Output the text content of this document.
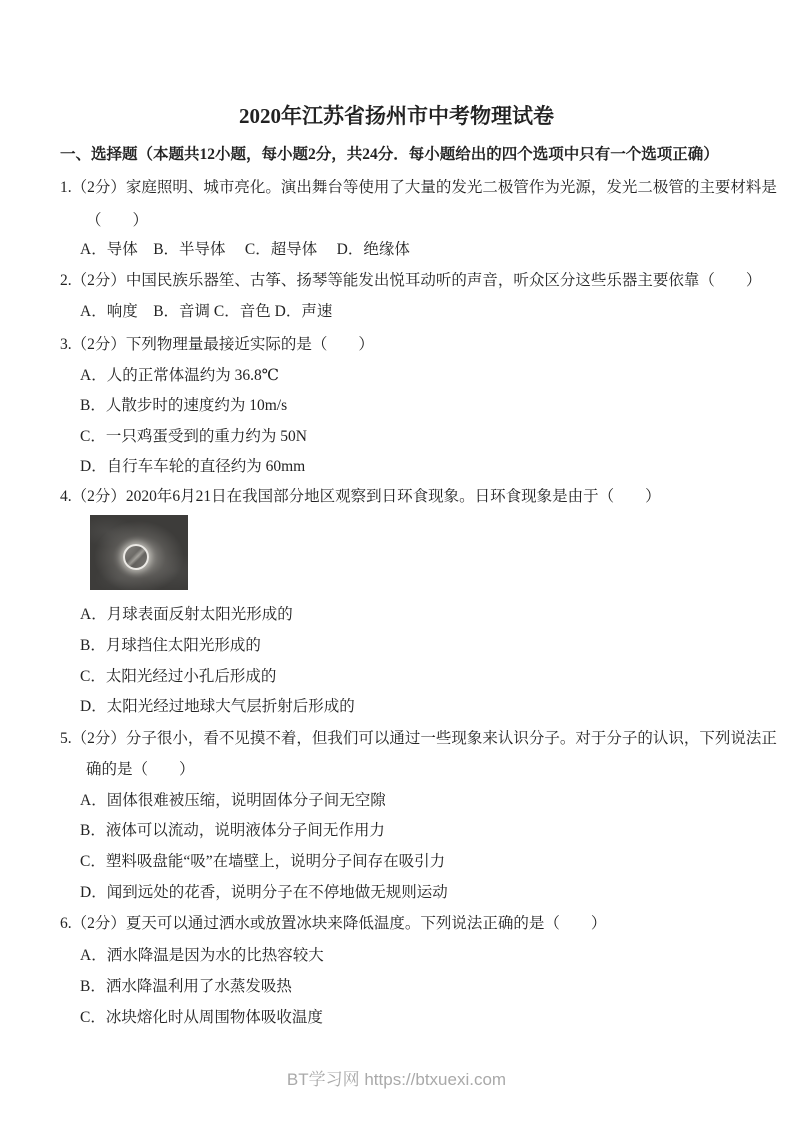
2020年江苏省扬州市中考物理试卷
一、选择题（本题共12小题，每小题2分，共24分．每小题给出的四个选项中只有一个选项正确）
1.（2分）家庭照明、城市亮化。演出舞台等使用了大量的发光二极管作为光源，发光二极管的主要材料是
（　　）
A．导体　B．半导体　 C．超导体　 D．绝缘体
2.（2分）中国民族乐器笙、古筝、扬琴等能发出悦耳动听的声音，听众区分这些乐器主要依靠（　　）
A．响度　B．音调 C．音色 D．声速
3.（2分）下列物理量最接近实际的是（　　）
A．人的正常体温约为 36.8℃
B．人散步时的速度约为 10m/s
C．一只鸡蛋受到的重力约为 50N
D．自行车车轮的直径约为 60mm
4.（2分）2020年6月21日在我国部分地区观察到日环食现象。日环食现象是由于（　　）
A．月球表面反射太阳光形成的
B．月球挡住太阳光形成的
C．太阳光经过小孔后形成的
D．太阳光经过地球大气层折射后形成的
5.（2分）分子很小，看不见摸不着，但我们可以通过一些现象来认识分子。对于分子的认识，下列说法正
确的是（　　）
A．固体很难被压缩，说明固体分子间无空隙
B．液体可以流动，说明液体分子间无作用力
C．塑料吸盘能“吸”在墙壁上，说明分子间存在吸引力
D．闻到远处的花香，说明分子在不停地做无规则运动
6.（2分）夏天可以通过洒水或放置冰块来降低温度。下列说法正确的是（　　）
A．洒水降温是因为水的比热容较大
B．洒水降温利用了水蒸发吸热
C．冰块熔化时从周围物体吸收温度
BT学习网 https://btxuexi.com
